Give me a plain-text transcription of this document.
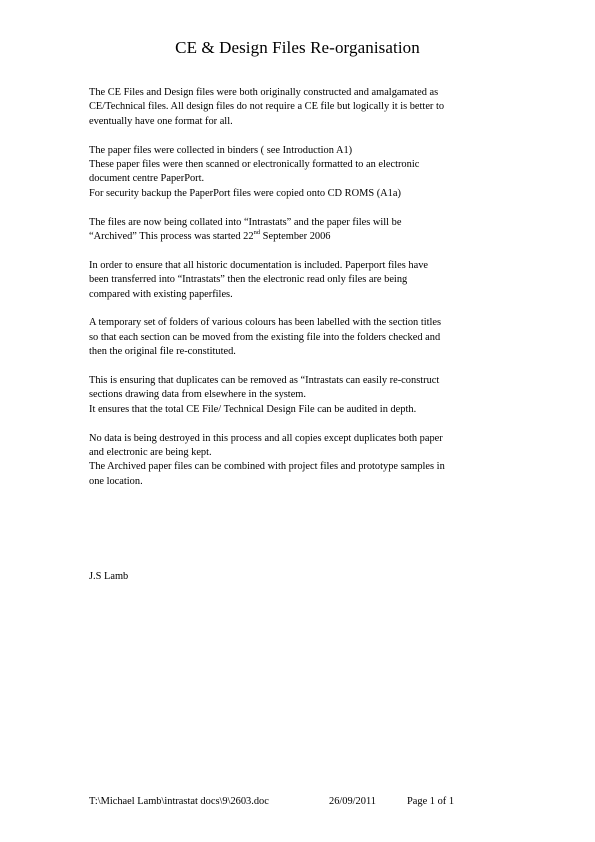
CE & Design Files Re-organisation

The CE Files and Design files were both originally constructed and amalgamated as
CE/Technical files. All design files do not require a CE file but logically it is better to
eventually have one format for all.

The paper files were collected in binders ( see Introduction A1)
These paper files were then scanned or electronically formatted to an electronic
document centre PaperPort.
For security backup the PaperPort files were copied onto CD ROMS (A1a)

The files are now being collated into “Intrastats” and the paper files will be
“Archived” This process was started 22nd September 2006

In order to ensure that all historic documentation is included. Paperport files have
been transferred into “Intrastats” then the electronic read only files are being
compared with existing paperfiles.

A temporary set of folders of various colours has been labelled with the section titles
so that each section can be moved from the existing file into the folders checked and
then the original file re-constituted.

This is ensuring that duplicates can be removed as “Intrastats can easily re-construct
sections drawing data from elsewhere in the system.
It ensures that the total CE File/ Technical Design File can be audited in depth.

No data is being destroyed in this process and all copies except duplicates both paper
and electronic are being kept.
The Archived paper files can be combined with project files and prototype samples in
one location.

J.S Lamb
T:\Michael Lamb\intrastat docs\9\2603.doc	26/09/2011	Page 1 of 1
